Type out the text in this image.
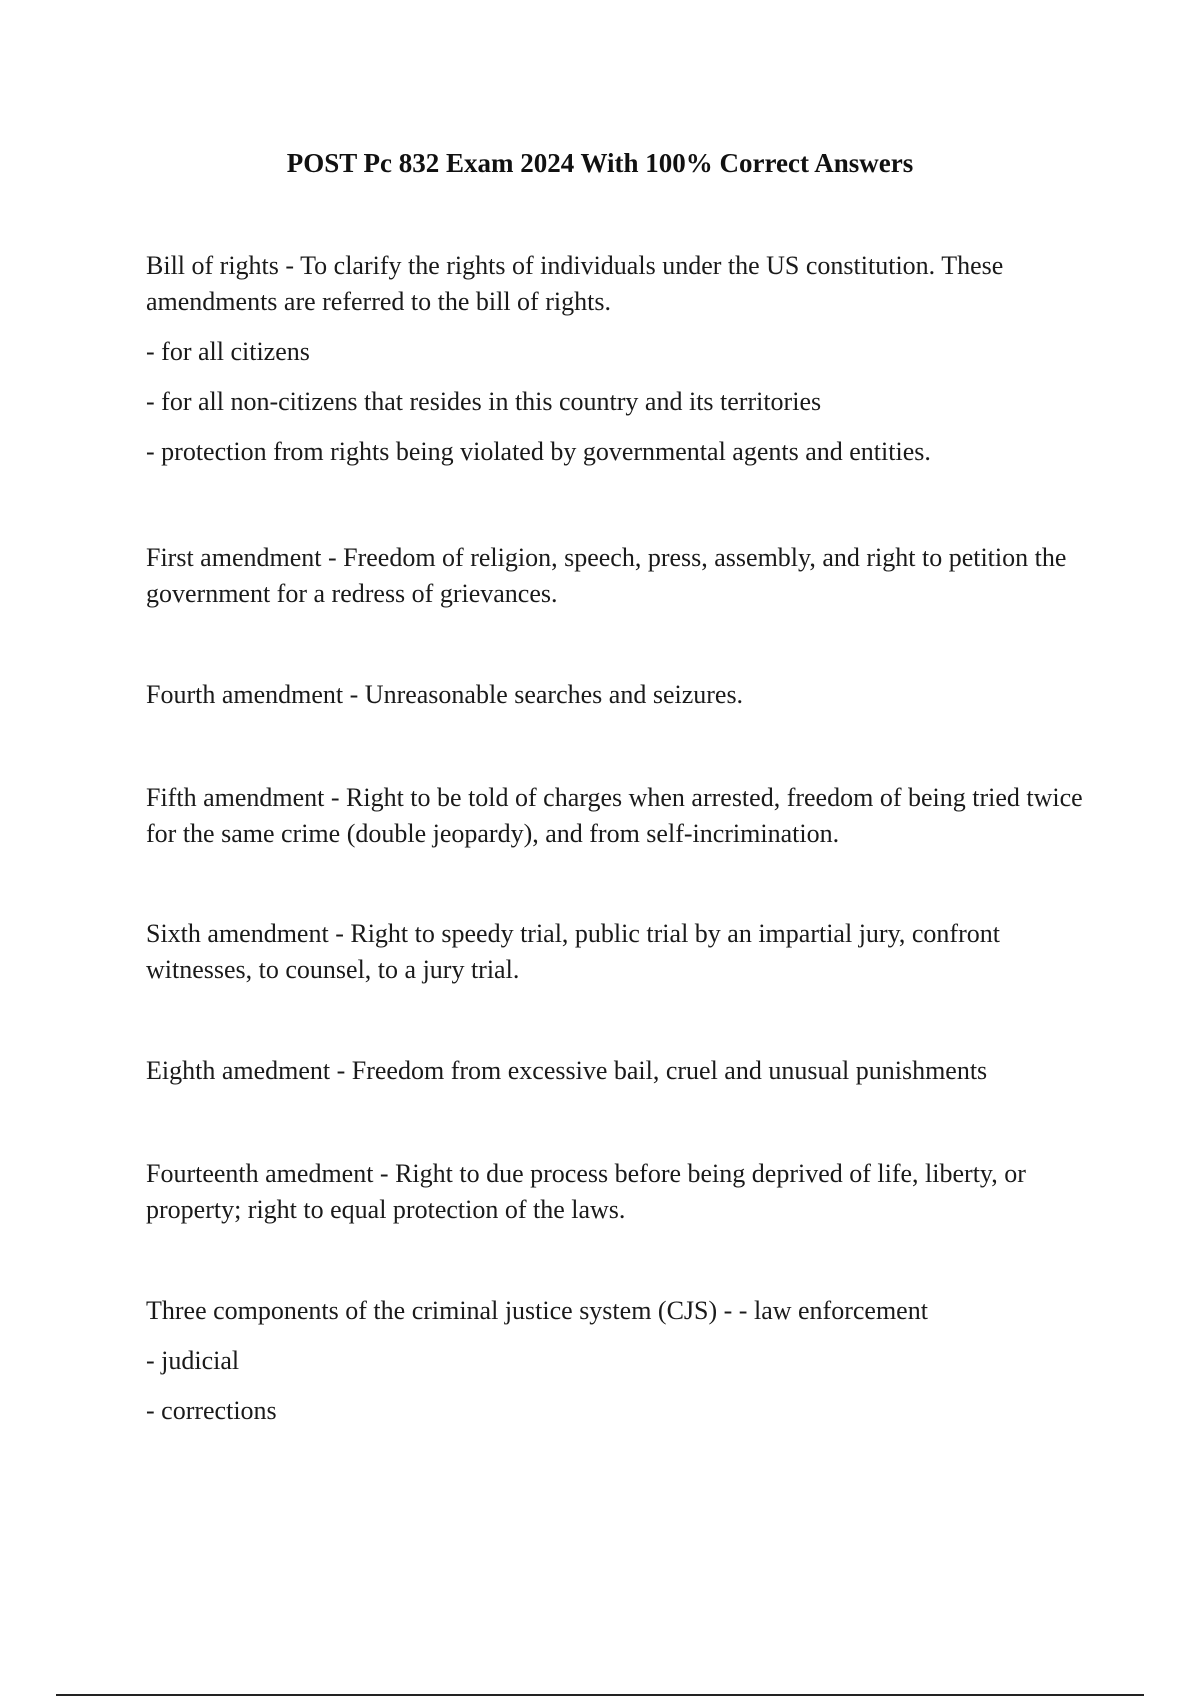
POST Pc 832 Exam 2024 With 100% Correct Answers

Bill of rights - To clarify the rights of individuals under the US constitution. These amendments are referred to the bill of rights.

- for all citizens

- for all non-citizens that resides in this country and its territories

- protection from rights being violated by governmental agents and entities.

First amendment - Freedom of religion, speech, press, assembly, and right to petition the government for a redress of grievances.

Fourth amendment - Unreasonable searches and seizures.

Fifth amendment - Right to be told of charges when arrested, freedom of being tried twice for the same crime (double jeopardy), and from self-incrimination.

Sixth amendment - Right to speedy trial, public trial by an impartial jury, confront witnesses, to counsel, to a jury trial.

Eighth amedment - Freedom from excessive bail, cruel and unusual punishments

Fourteenth amedment - Right to due process before being deprived of life, liberty, or property; right to equal protection of the laws.

Three components of the criminal justice system (CJS) - - law enforcement

- judicial

- corrections
